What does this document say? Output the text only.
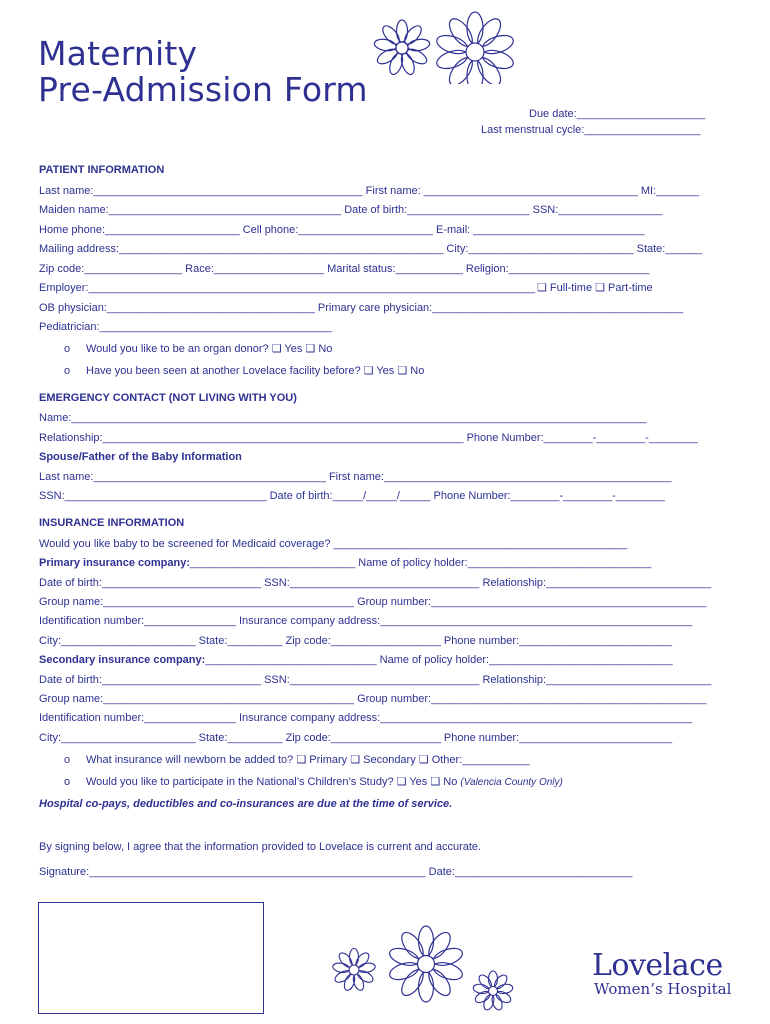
Maternity
Pre-Admission Form
Due date:_____________________
Last menstrual cycle:___________________
PATIENT INFORMATION
Last name:____________________________________________ First name: ___________________________________ MI:_______
Maiden name:______________________________________ Date of birth:____________________ SSN:_________________
Home phone:______________________ Cell phone:______________________ E-mail: ____________________________
Mailing address:_____________________________________________________ City:___________________________ State:______
Zip code:________________ Race:__________________ Marital status:___________ Religion:_______________________
Employer:_________________________________________________________________________ ❏ Full-time ❏ Part-time
OB physician:__________________________________ Primary care physician:_________________________________________
Pediatrician:______________________________________
o Would you like to be an organ donor? ❏ Yes ❏ No
o Have you been seen at another Lovelace facility before? ❏ Yes ❏ No
EMERGENCY CONTACT (NOT LIVING WITH YOU)
Name:______________________________________________________________________________________________
Relationship:___________________________________________________________ Phone Number:________-________-________
Spouse/Father of the Baby Information
Last name:______________________________________ First name:_______________________________________________
SSN:_________________________________ Date of birth:_____/_____/_____ Phone Number:________-________-________
INSURANCE INFORMATION
Would you like baby to be screened for Medicaid coverage? ________________________________________________
Primary insurance company:___________________________ Name of policy holder:______________________________
Date of birth:__________________________ SSN:_______________________________ Relationship:___________________________
Group name:_________________________________________ Group number:_____________________________________________
Identification number:_______________ Insurance company address:___________________________________________________
City:______________________ State:_________ Zip code:__________________ Phone number:_________________________
Secondary insurance company:____________________________ Name of policy holder:______________________________
Date of birth:__________________________ SSN:_______________________________ Relationship:___________________________
Group name:_________________________________________ Group number:_____________________________________________
Identification number:_______________ Insurance company address:___________________________________________________
City:______________________ State:_________ Zip code:__________________ Phone number:_________________________
o What insurance will newborn be added to? ❏ Primary ❏ Secondary ❏ Other:___________
o Would you like to participate in the National’s Children’s Study? ❏ Yes ❏ No (Valencia County Only)
Hospital co-pays, deductibles and co-insurances are due at the time of service.
By signing below, I agree that the information provided to Lovelace is current and accurate.
Signature:_______________________________________________________ Date:_____________________________
Lovelace
Women’s Hospital
